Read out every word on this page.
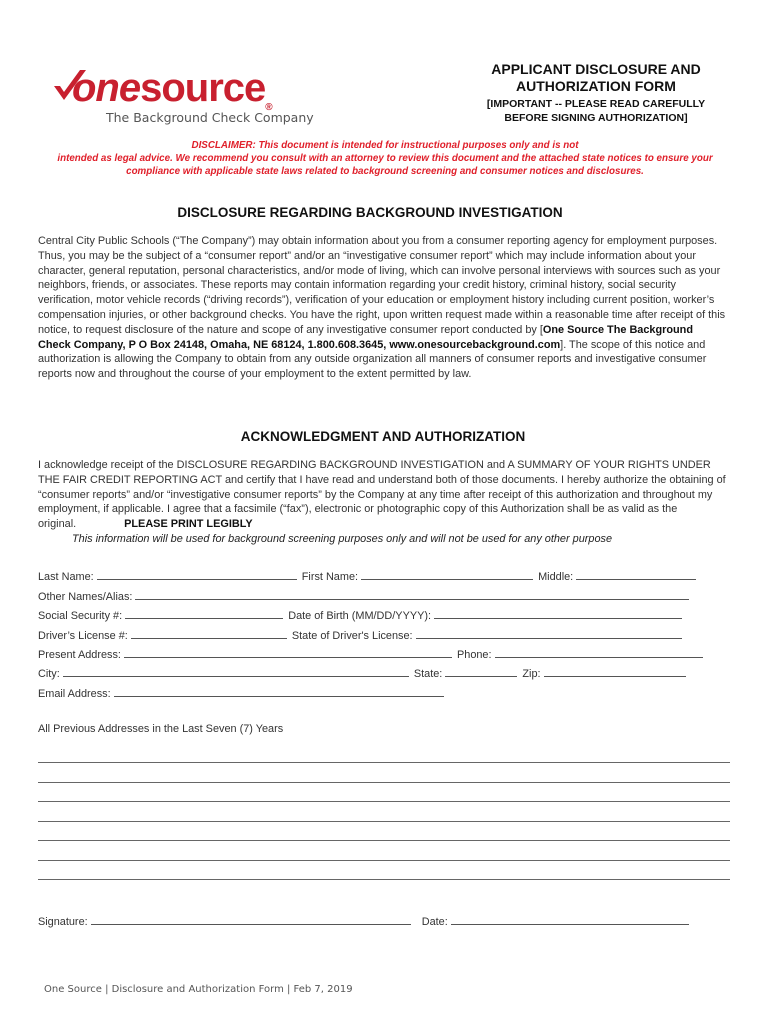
onesource®
The Background Check Company
APPLICANT DISCLOSURE AND
AUTHORIZATION FORM
[IMPORTANT -- PLEASE READ CAREFULLY
BEFORE SIGNING AUTHORIZATION]
DISCLAIMER: This document is intended for instructional purposes only and is not
intended as legal advice. We recommend you consult with an attorney to review this document and the attached state notices to ensure your
compliance with applicable state laws related to background screening and consumer notices and disclosures.
DISCLOSURE REGARDING BACKGROUND INVESTIGATION
Central City Public Schools (“The Company”) may obtain information about you from a consumer reporting agency for employment purposes. Thus, you may be the subject of a “consumer report” and/or an “investigative consumer report” which may include information about your character, general reputation, personal characteristics, and/or mode of living, which can involve personal interviews with sources such as your neighbors, friends, or associates. These reports may contain information regarding your credit history, criminal history, social security verification, motor vehicle records (“driving records”), verification of your education or employment history including current position, worker’s compensation injuries, or other background checks. You have the right, upon written request made within a reasonable time after receipt of this notice, to request disclosure of the nature and scope of any investigative consumer report conducted by [One Source The Background Check Company, P O Box 24148, Omaha, NE 68124, 1.800.608.3645, www.onesourcebackground.com]. The scope of this notice and authorization is allowing the Company to obtain from any outside organization all manners of consumer reports and investigative consumer reports now and throughout the course of your employment to the extent permitted by law.
ACKNOWLEDGMENT AND AUTHORIZATION
I acknowledge receipt of the DISCLOSURE REGARDING BACKGROUND INVESTIGATION and A SUMMARY OF YOUR RIGHTS UNDER THE FAIR CREDIT REPORTING ACT and certify that I have read and understand both of those documents. I hereby authorize the obtaining of “consumer reports” and/or “investigative consumer reports” by the Company at any time after receipt of this authorization and throughout my employment, if applicable. I agree that a facsimile (“fax”), electronic or photographic copy of this Authorization shall be as valid as the original.	PLEASE PRINT LEGIBLY
This information will be used for background screening purposes only and will not be used for any other purpose
Last Name:	First Name:	Middle:
Other Names/Alias:
Social Security #:	Date of Birth (MM/DD/YYYY):
Driver’s License #:	State of Driver's License:
Present Address:	Phone:
City:	State:	Zip:
Email Address:
All Previous Addresses in the Last Seven (7) Years
Signature:	Date:
One Source | Disclosure and Authorization Form | Feb 7, 2019
